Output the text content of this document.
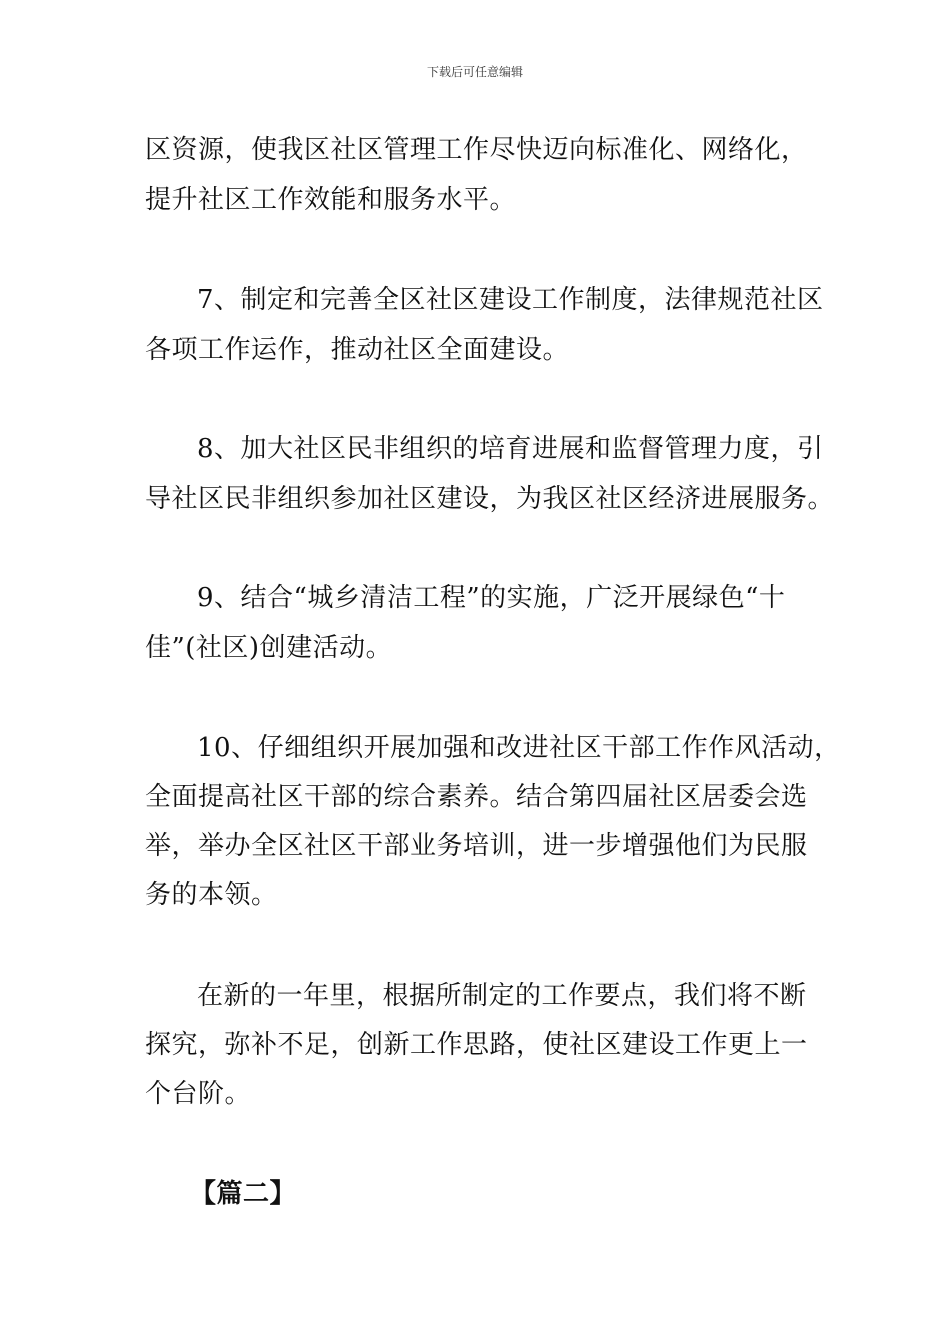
下载后可任意编辑
区资源，使我区社区管理工作尽快迈向标准化、网络化，
提升社区工作效能和服务水平。
7、制定和完善全区社区建设工作制度，法律规范社区
各项工作运作，推动社区全面建设。
8、加大社区民非组织的培育进展和监督管理力度，引
导社区民非组织参加社区建设，为我区社区经济进展服务。
9、结合“城乡清洁工程”的实施，广泛开展绿色“十
佳”(社区)创建活动。
10、仔细组织开展加强和改进社区干部工作作风活动，
全面提高社区干部的综合素养。结合第四届社区居委会选
举，举办全区社区干部业务培训，进一步增强他们为民服
务的本领。
在新的一年里，根据所制定的工作要点，我们将不断
探究，弥补不足，创新工作思路，使社区建设工作更上一
个台阶。
【篇二】
